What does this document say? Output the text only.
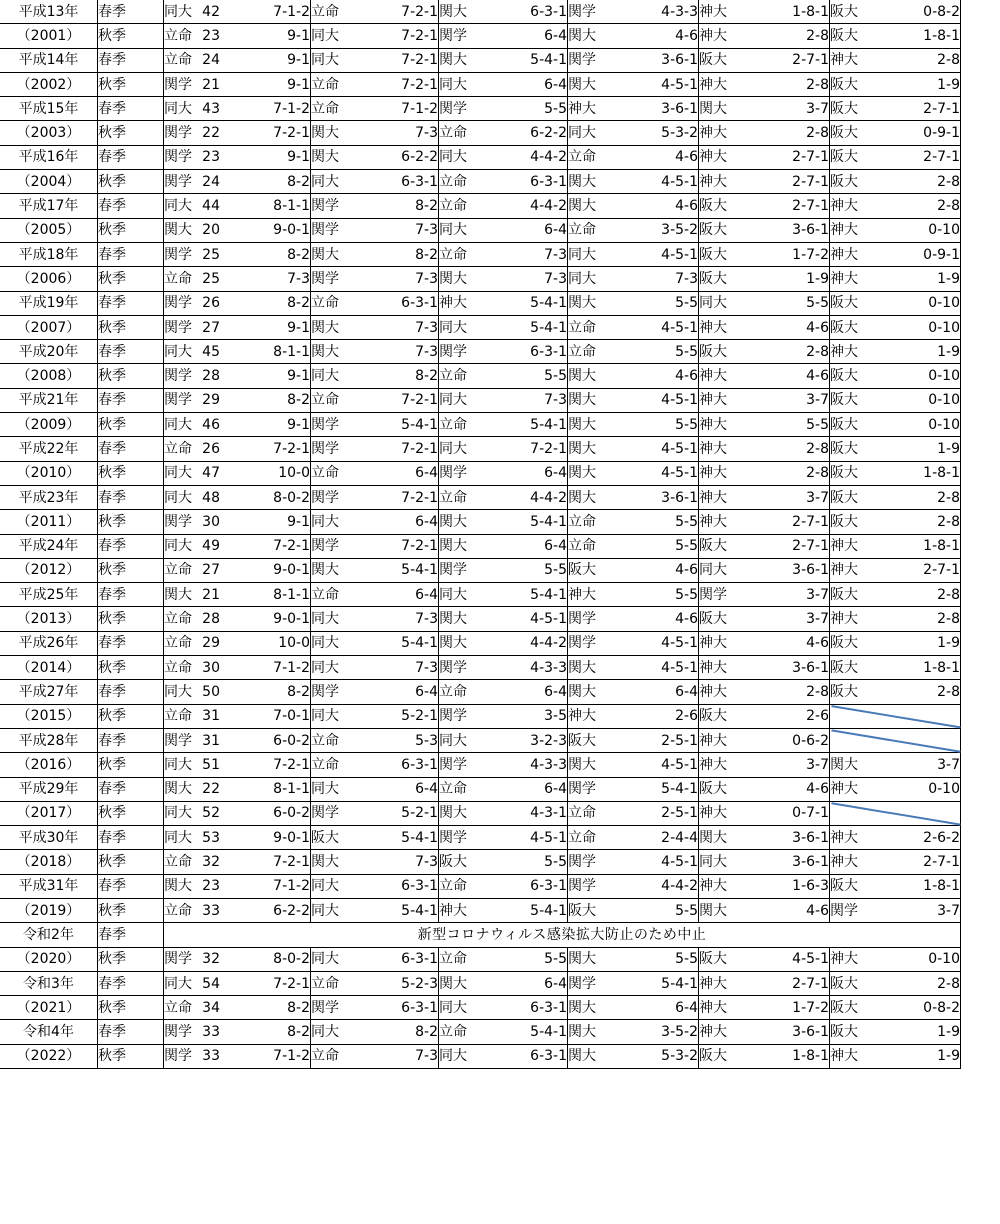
平成13年	春季	同大 42	7-1-2	立命	7-2-1	関大	6-3-1	関学	4-3-3	神大	1-8-1	阪大	0-8-2
（2001）	秋季	立命 23	9-1	同大	7-2-1	関学	6-4	関大	4-6	神大	2-8	阪大	1-8-1
平成14年	春季	立命 24	9-1	同大	7-2-1	関大	5-4-1	関学	3-6-1	阪大	2-7-1	神大	2-8
（2002）	秋季	関学 21	9-1	立命	7-2-1	同大	6-4	関大	4-5-1	神大	2-8	阪大	1-9
平成15年	春季	同大 43	7-1-2	立命	7-1-2	関学	5-5	神大	3-6-1	関大	3-7	阪大	2-7-1
（2003）	秋季	関学 22	7-2-1	関大	7-3	立命	6-2-2	同大	5-3-2	神大	2-8	阪大	0-9-1
平成16年	春季	関学 23	9-1	関大	6-2-2	同大	4-4-2	立命	4-6	神大	2-7-1	阪大	2-7-1
（2004）	秋季	関学 24	8-2	同大	6-3-1	立命	6-3-1	関大	4-5-1	神大	2-7-1	阪大	2-8
平成17年	春季	同大 44	8-1-1	関学	8-2	立命	4-4-2	関大	4-6	阪大	2-7-1	神大	2-8
（2005）	秋季	関大 20	9-0-1	関学	7-3	同大	6-4	立命	3-5-2	阪大	3-6-1	神大	0-10
平成18年	春季	関学 25	8-2	関大	8-2	立命	7-3	同大	4-5-1	阪大	1-7-2	神大	0-9-1
（2006）	秋季	立命 25	7-3	関学	7-3	関大	7-3	同大	7-3	阪大	1-9	神大	1-9
平成19年	春季	関学 26	8-2	立命	6-3-1	神大	5-4-1	関大	5-5	同大	5-5	阪大	0-10
（2007）	秋季	関学 27	9-1	関大	7-3	同大	5-4-1	立命	4-5-1	神大	4-6	阪大	0-10
平成20年	春季	同大 45	8-1-1	関大	7-3	関学	6-3-1	立命	5-5	阪大	2-8	神大	1-9
（2008）	秋季	関学 28	9-1	同大	8-2	立命	5-5	関大	4-6	神大	4-6	阪大	0-10
平成21年	春季	関学 29	8-2	立命	7-2-1	同大	7-3	関大	4-5-1	神大	3-7	阪大	0-10
（2009）	秋季	同大 46	9-1	関学	5-4-1	立命	5-4-1	関大	5-5	神大	5-5	阪大	0-10
平成22年	春季	立命 26	7-2-1	関学	7-2-1	同大	7-2-1	関大	4-5-1	神大	2-8	阪大	1-9
（2010）	秋季	同大 47	10-0	立命	6-4	関学	6-4	関大	4-5-1	神大	2-8	阪大	1-8-1
平成23年	春季	同大 48	8-0-2	関学	7-2-1	立命	4-4-2	関大	3-6-1	神大	3-7	阪大	2-8
（2011）	秋季	関学 30	9-1	同大	6-4	関大	5-4-1	立命	5-5	神大	2-7-1	阪大	2-8
平成24年	春季	同大 49	7-2-1	関学	7-2-1	関大	6-4	立命	5-5	阪大	2-7-1	神大	1-8-1
（2012）	秋季	立命 27	9-0-1	関大	5-4-1	関学	5-5	阪大	4-6	同大	3-6-1	神大	2-7-1
平成25年	春季	関大 21	8-1-1	立命	6-4	同大	5-4-1	神大	5-5	関学	3-7	阪大	2-8
（2013）	秋季	立命 28	9-0-1	同大	7-3	関大	4-5-1	関学	4-6	阪大	3-7	神大	2-8
平成26年	春季	立命 29	10-0	同大	5-4-1	関大	4-4-2	関学	4-5-1	神大	4-6	阪大	1-9
（2014）	秋季	立命 30	7-1-2	同大	7-3	関学	4-3-3	関大	4-5-1	神大	3-6-1	阪大	1-8-1
平成27年	春季	同大 50	8-2	関学	6-4	立命	6-4	関大	6-4	神大	2-8	阪大	2-8
（2015）	秋季	立命 31	7-0-1	同大	5-2-1	関学	3-5	神大	2-6	阪大	2-6		
平成28年	春季	関学 31	6-0-2	立命	5-3	同大	3-2-3	阪大	2-5-1	神大	0-6-2		
（2016）	秋季	同大 51	7-2-1	立命	6-3-1	関学	4-3-3	関大	4-5-1	神大	3-7	関大	3-7
平成29年	春季	関大 22	8-1-1	同大	6-4	立命	6-4	関学	5-4-1	阪大	4-6	神大	0-10
（2017）	秋季	同大 52	6-0-2	関学	5-2-1	関大	4-3-1	立命	2-5-1	神大	0-7-1		
平成30年	春季	同大 53	9-0-1	阪大	5-4-1	関学	4-5-1	立命	2-4-4	関大	3-6-1	神大	2-6-2
（2018）	秋季	立命 32	7-2-1	関大	7-3	阪大	5-5	関学	4-5-1	同大	3-6-1	神大	2-7-1
平成31年	春季	関大 23	7-1-2	同大	6-3-1	立命	6-3-1	関学	4-4-2	神大	1-6-3	阪大	1-8-1
（2019）	秋季	立命 33	6-2-2	同大	5-4-1	神大	5-4-1	阪大	5-5	関大	4-6	関学	3-7
令和2年	春季	新型コロナウィルス感染拡大防止のため中止											
（2020）	秋季	関学 32	8-0-2	同大	6-3-1	立命	5-5	関大	5-5	阪大	4-5-1	神大	0-10
令和3年	春季	同大 54	7-2-1	立命	5-2-3	関大	6-4	関学	5-4-1	神大	2-7-1	阪大	2-8
（2021）	秋季	立命 34	8-2	関学	6-3-1	同大	6-3-1	関大	6-4	神大	1-7-2	阪大	0-8-2
令和4年	春季	関学 33	8-2	同大	8-2	立命	5-4-1	関大	3-5-2	神大	3-6-1	阪大	1-9
（2022）	秋季	関学 33	7-1-2	立命	7-3	同大	6-3-1	関大	5-3-2	阪大	1-8-1	神大	1-9
